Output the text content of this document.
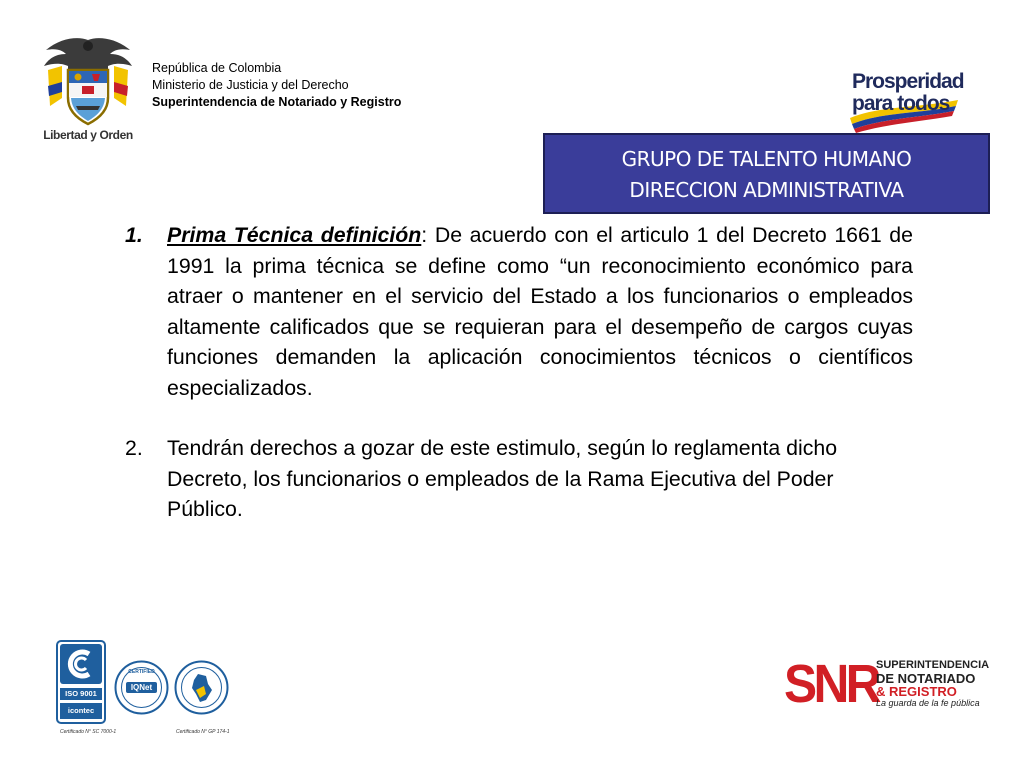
Libertad y Orden
República de Colombia
Ministerio de Justicia y del Derecho
Superintendencia de Notariado y Registro
Prosperidad
para todos
GRUPO DE TALENTO HUMANO
DIRECCION ADMINISTRATIVA
1. Prima Técnica definición: De acuerdo con el articulo 1 del Decreto 1661 de 1991 la prima técnica se define como “un reconocimiento económico para atraer o mantener en el servicio del Estado a los funcionarios o empleados altamente calificados que se requieran para el desempeño de cargos cuyas funciones demanden la aplicación conocimientos técnicos o científicos especializados.
2. Tendrán derechos a gozar de este estimulo, según lo reglamenta dicho Decreto, los funcionarios o empleados de la Rama Ejecutiva del Poder Público.
ISO 9001
icontec
IQNet
CERTIFIED
Certificado N° SC 7000-1	Certificado N° GP 174-1
SNR
SUPERINTENDENCIA
DE NOTARIADO
& REGISTRO
La guarda de la fe pública
